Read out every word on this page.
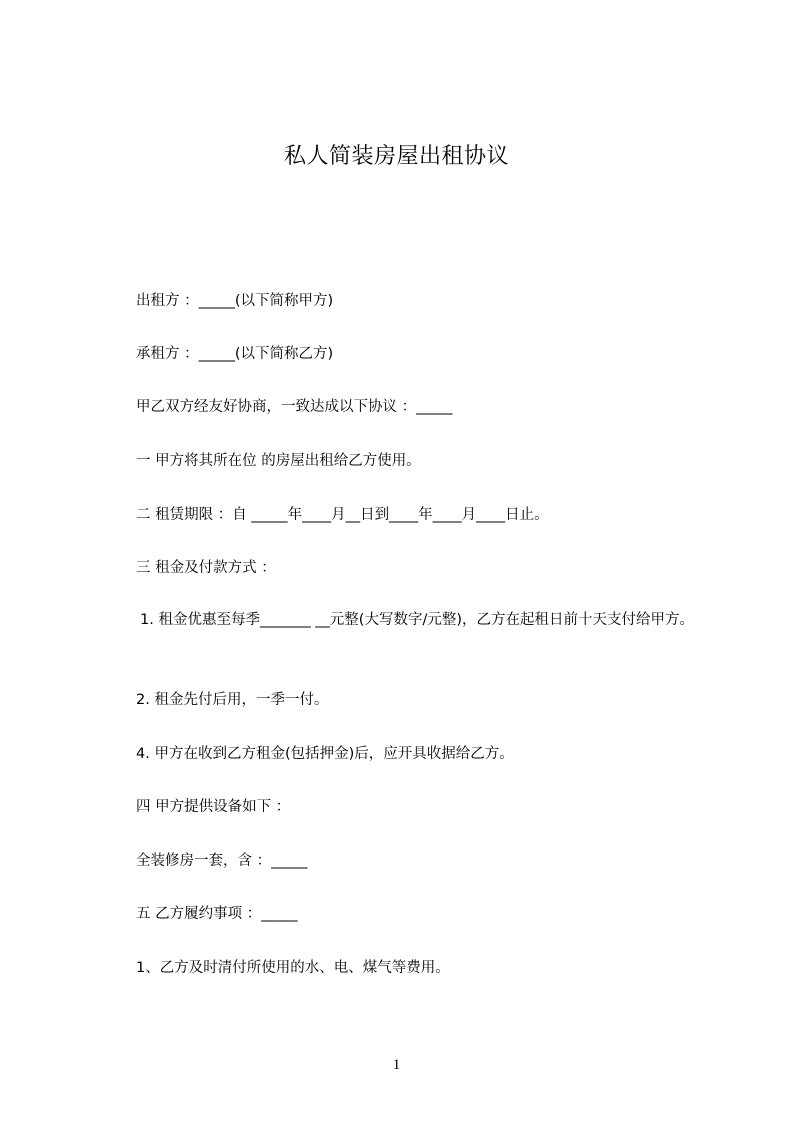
私人简装房屋出租协议
出租方 ：_____(以下简称甲方)
承租方 ：_____(以下简称乙方)
甲乙双方经友好协商，一致达成以下协议 ：_____
一 甲方将其所在位 的房屋出租给乙方使用。
二 租赁期限 ：自 _____年____月__日到____年____月____日止。
三 租金及付款方式 ：
1. 租金优惠至每季_______ __元整(大写数字/元整)，乙方在起租日前十天支付给甲方。
2. 租金先付后用，一季一付。
4. 甲方在收到乙方租金(包括押金)后，应开具收据给乙方。
四 甲方提供设备如下 ：
全装修房一套，含 ：_____
五 乙方履约事项 ：_____
1、乙方及时清付所使用的水、电、煤气等费用。
1
